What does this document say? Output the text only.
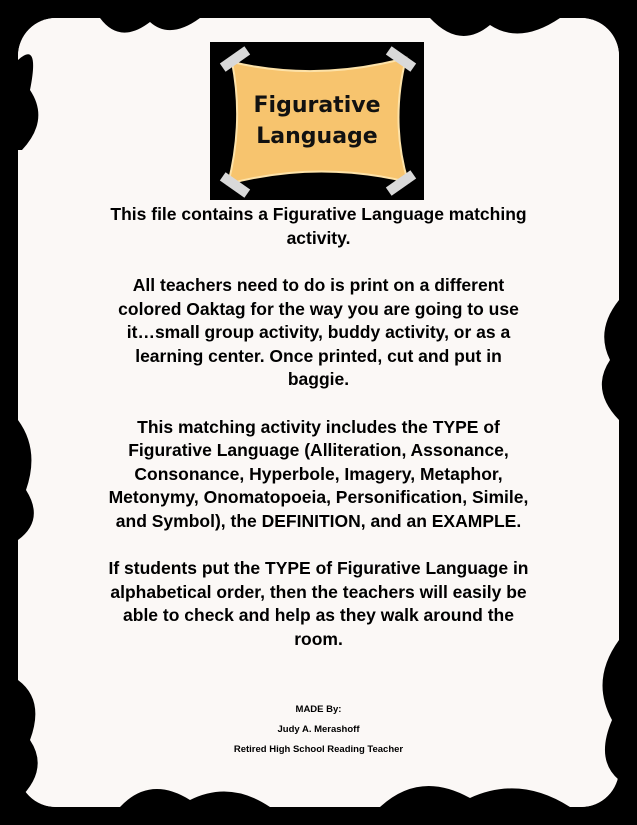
Figurative
Language
This file contains a Figurative Language matching
activity.
All teachers need to do is print on a different
colored Oaktag for the way you are going to use
it…small group activity, buddy activity, or as a
learning center. Once printed, cut and put in
baggie.
This matching activity includes the TYPE of
Figurative Language (Alliteration, Assonance,
Consonance, Hyperbole, Imagery, Metaphor,
Metonymy, Onomatopoeia, Personification, Simile,
and Symbol), the DEFINITION, and an EXAMPLE.
If students put the TYPE of Figurative Language in
alphabetical order, then the teachers will easily be
able to check and help as they walk around the
room.
MADE By:
Judy A. Merashoff
Retired High School Reading Teacher
